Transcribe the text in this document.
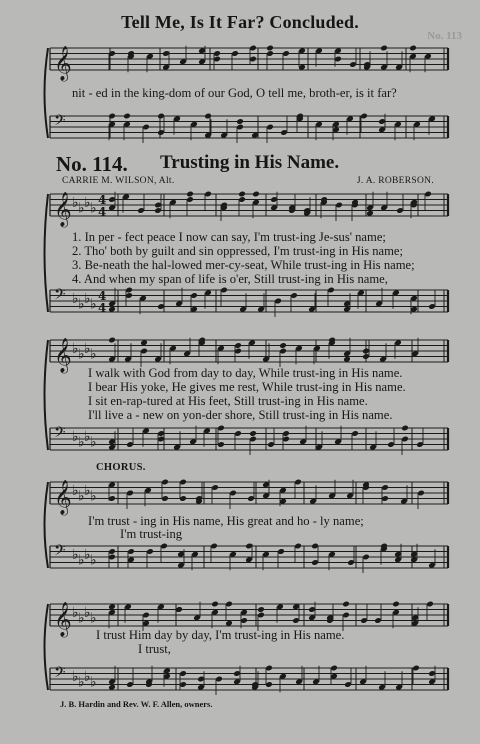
Tell Me, Is It Far? Concluded.
No. 113
𝄞
𝄢
𝄞 ♭ ♭ ♭ ♭
4
4
𝄢 ♭ ♭ ♭ ♭
4
4
𝄞 ♭ ♭ ♭ ♭
𝄢 ♭ ♭ ♭ ♭
𝄞 ♭ ♭ ♭ ♭
𝄢 ♭ ♭ ♭ ♭
𝄞 ♭ ♭ ♭ ♭
𝄢 ♭ ♭ ♭ ♭
nit - ed in the king-dom of our God, O tell me, broth-er, is it far?
No. 114. Trusting in His Name.
CARRIE M. WILSON, Alt.	J. A. ROBERSON.
1. In per - fect peace I now can say, I'm trust-ing Je-sus' name;
2. Tho' both by guilt and sin oppressed, I'm trust-ing in His name;
3. Be-neath the hal-lowed mer-cy-seat, While trust-ing in His name;
4. And when my span of life is o'er, Still trust-ing in His name,
I walk with God from day to day, While trust-ing in His name.
I bear His yoke, He gives me rest, While trust-ing in His name.
I sit en-rap-tured at His feet, Still trust-ing in His name.
I'll live a - new on yon-der shore, Still trust-ing in His name.
CHORUS.
I'm trust - ing in His name, His great and ho - ly name;
I'm trust-ing
I trust Him day by day, I'm trust-ing in His name.
I trust,
J. B. Hardin and Rev. W. F. Allen, owners.
